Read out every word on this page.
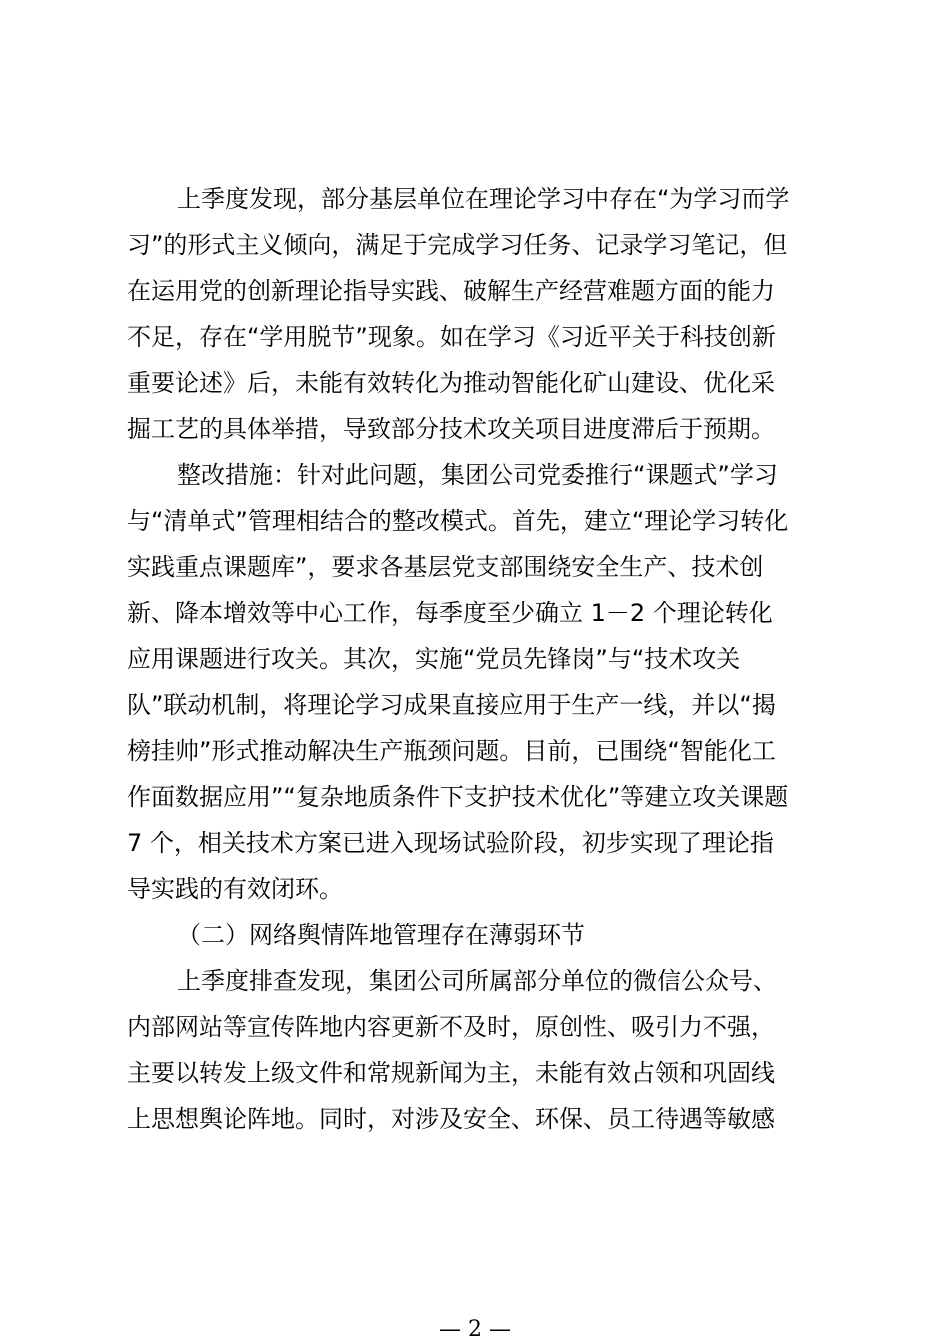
上季度发现，部分基层单位在理论学习中存在“为学习而学
习”的形式主义倾向，满足于完成学习任务、记录学习笔记，但
在运用党的创新理论指导实践、破解生产经营难题方面的能力
不足，存在“学用脱节”现象。如在学习《习近平关于科技创新
重要论述》后，未能有效转化为推动智能化矿山建设、优化采
掘工艺的具体举措，导致部分技术攻关项目进度滞后于预期。
整改措施：针对此问题，集团公司党委推行“课题式”学习
与“清单式”管理相结合的整改模式。首先，建立“理论学习转化
实践重点课题库”，要求各基层党支部围绕安全生产、技术创
新、降本增效等中心工作，每季度至少确立 1－2 个理论转化
应用课题进行攻关。其次，实施“党员先锋岗”与“技术攻关
队”联动机制，将理论学习成果直接应用于生产一线，并以“揭
榜挂帅”形式推动解决生产瓶颈问题。目前，已围绕“智能化工
作面数据应用”“复杂地质条件下支护技术优化”等建立攻关课题
7 个，相关技术方案已进入现场试验阶段，初步实现了理论指
导实践的有效闭环。
（二）网络舆情阵地管理存在薄弱环节
上季度排查发现，集团公司所属部分单位的微信公众号、
内部网站等宣传阵地内容更新不及时，原创性、吸引力不强，
主要以转发上级文件和常规新闻为主，未能有效占领和巩固线
上思想舆论阵地。同时，对涉及安全、环保、员工待遇等敏感
— 2 —
